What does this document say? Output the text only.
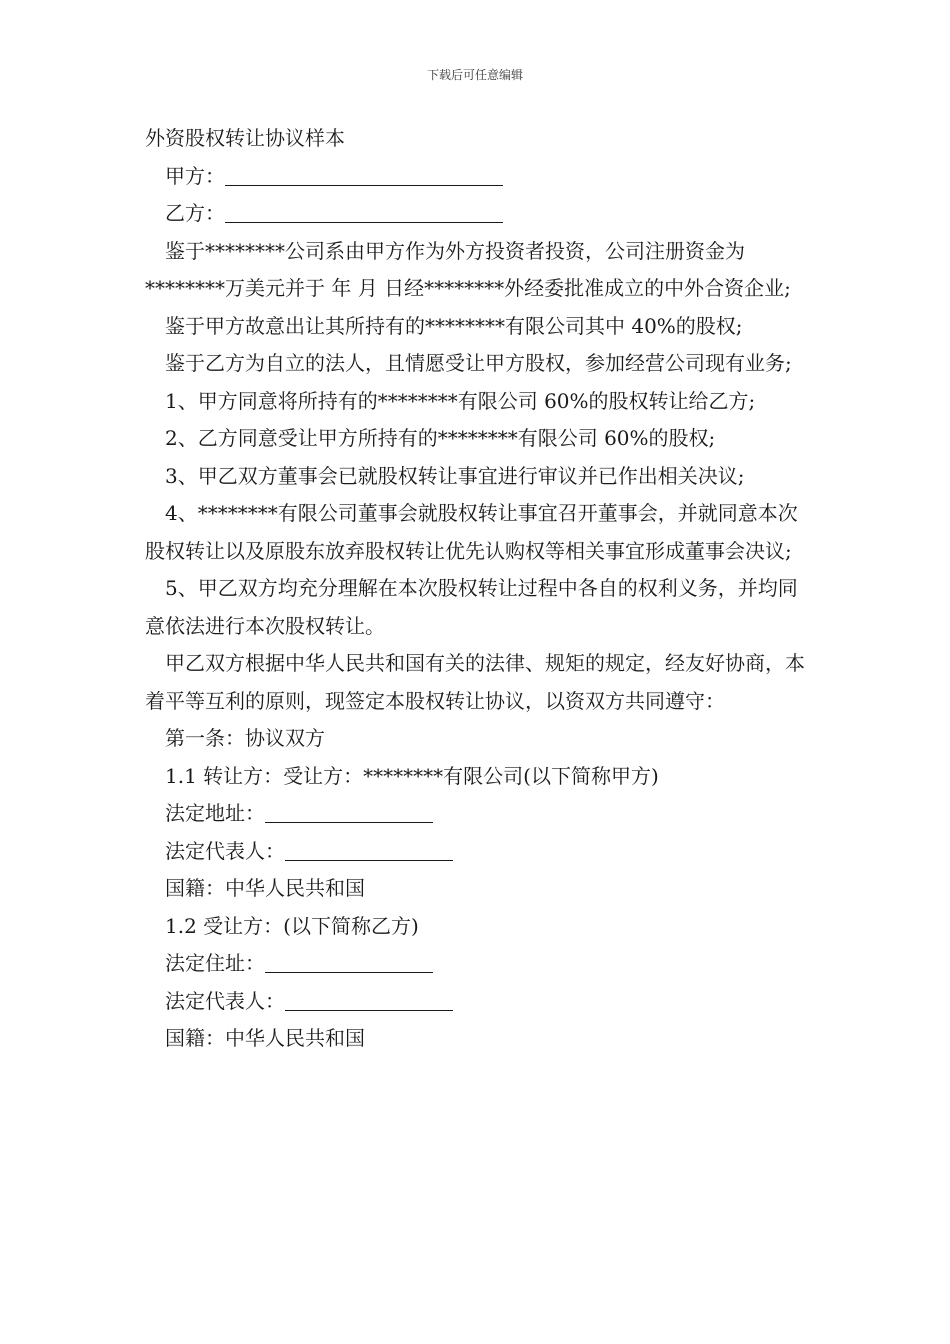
下载后可任意编辑
外资股权转让协议样本

甲方：

乙方：

鉴于********公司系由甲方作为外方投资者投资，公司注册资金为********万美元并于 年 月 日经********外经委批准成立的中外合资企业;

鉴于甲方故意出让其所持有的********有限公司其中 40%的股权;

鉴于乙方为自立的法人，且情愿受让甲方股权，参加经营公司现有业务;

1、甲方同意将所持有的********有限公司 60%的股权转让给乙方;

2、乙方同意受让甲方所持有的********有限公司 60%的股权;

3、甲乙双方董事会已就股权转让事宜进行审议并已作出相关决议;

4、********有限公司董事会就股权转让事宜召开董事会，并就同意本次股权转让以及原股东放弃股权转让优先认购权等相关事宜形成董事会决议;

5、甲乙双方均充分理解在本次股权转让过程中各自的权利义务，并均同意依法进行本次股权转让。

甲乙双方根据中华人民共和国有关的法律、规矩的规定，经友好协商，本着平等互利的原则，现签定本股权转让协议，以资双方共同遵守：

第一条：协议双方

1.1 转让方：受让方：********有限公司(以下简称甲方)

法定地址：

法定代表人：

国籍：中华人民共和国

1.2 受让方：(以下简称乙方)

法定住址：

法定代表人：

国籍：中华人民共和国
